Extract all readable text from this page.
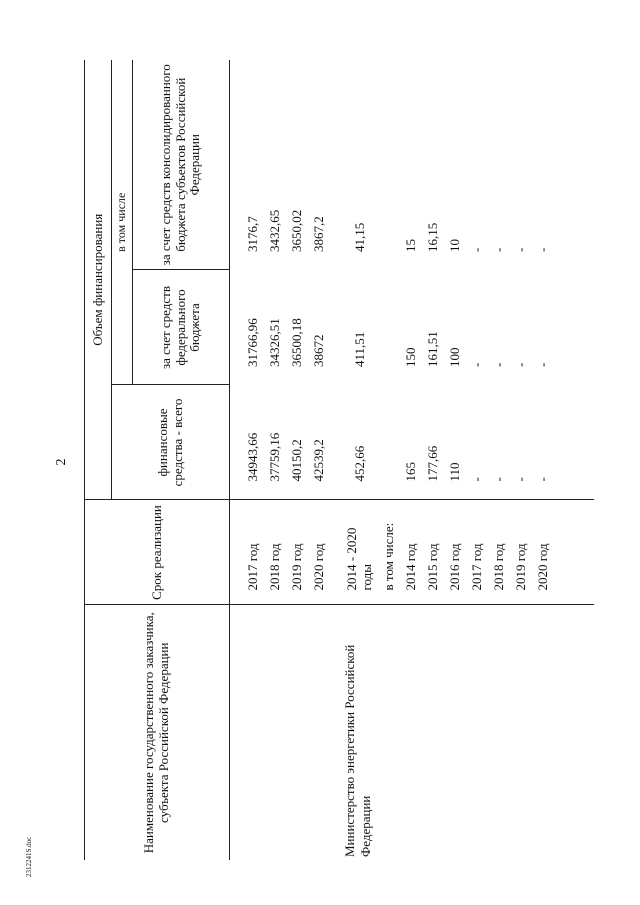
2
Наименование государственного заказчика, субъекта Российской Федерации	Срок реализации	Объем финансирования		
		финансовые средства - всего	в том числе	
			за счет средств федерального бюджета	за счет средств консолидированного бюджета субъектов Российской Федерации

	2017 год	34943,66	31766,96	3176,7
	2018 год	37759,16	34326,51	3432,65
	2019 год	40150,2	36500,18	3650,02
	2020 год	42539,2	38672	3867,2

Министерство энергетики Российской Федерации	2014 - 2020 годы	452,66	411,51	41,15
	в том числе:			
	2014 год	165	150	15
	2015 год	177,66	161,51	16,15
	2016 год	110	100	10
	2017 год	-	-	-
	2018 год	-	-	-
	2019 год	-	-	-
	2020 год	-	-	-

2312241S.doc
